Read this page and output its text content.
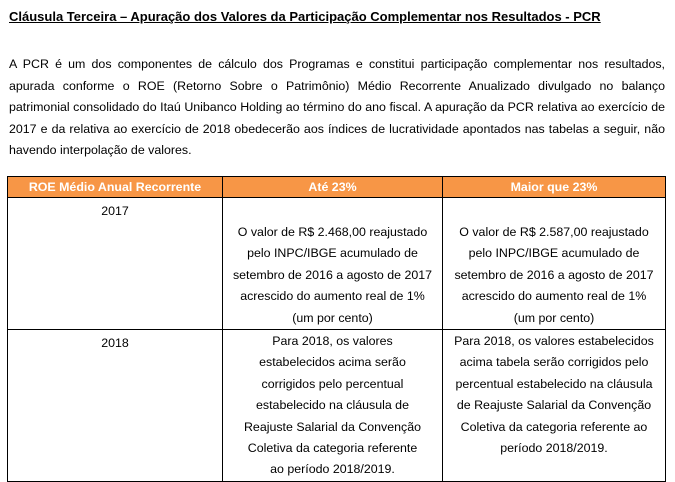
Cláusula Terceira – Apuração dos Valores da Participação Complementar nos Resultados - PCR
A PCR é um dos componentes de cálculo dos Programas e constitui participação complementar nos resultados, apurada conforme o ROE (Retorno Sobre o Patrimônio) Médio Recorrente Anualizado divulgado no balanço patrimonial consolidado do Itaú Unibanco Holding ao término do ano fiscal. A apuração da PCR relativa ao exercício de 2017 e da relativa ao exercício de 2018 obedecerão aos índices de lucratividade apontados nas tabelas a seguir, não havendo interpolação de valores.
ROE Médio Anual Recorrente	Até 23%	Maior que 23%
2017	O valor de R$ 2.468,00 reajustado pelo INPC/IBGE acumulado de setembro de 2016 a agosto de 2017 acrescido do aumento real de 1% (um por cento)	O valor de R$ 2.587,00 reajustado pelo INPC/IBGE acumulado de setembro de 2016 a agosto de 2017 acrescido do aumento real de 1% (um por cento)

2018	Para 2018, os valores estabelecidos acima serão corrigidos pelo percentual estabelecido na cláusula de Reajuste Salarial da Convenção Coletiva da categoria referente ao período 2018/2019.	Para 2018, os valores estabelecidos acima tabela serão corrigidos pelo percentual estabelecido na cláusula de Reajuste Salarial da Convenção Coletiva da categoria referente ao período 2018/2019.
